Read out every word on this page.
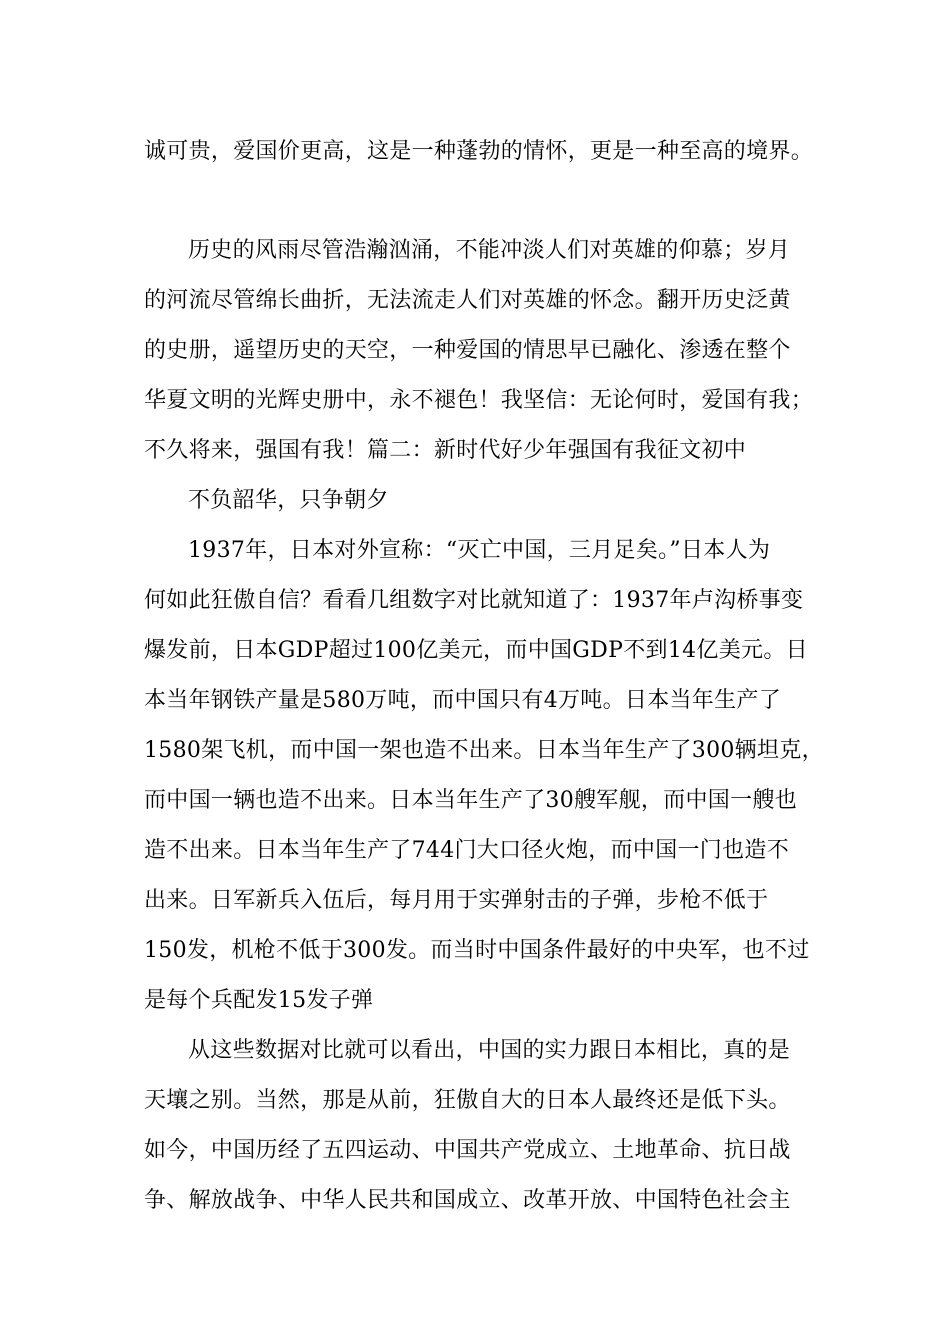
诚可贵，爱国价更高，这是一种蓬勃的情怀，更是一种至高的境界。
历史的风雨尽管浩瀚汹涌，不能冲淡人们对英雄的仰慕；岁月
的河流尽管绵长曲折，无法流走人们对英雄的怀念。翻开历史泛黄
的史册，遥望历史的天空，一种爱国的情思早已融化、渗透在整个
华夏文明的光辉史册中，永不褪色！我坚信：无论何时，爱国有我；
不久将来，强国有我！篇二：新时代好少年强国有我征文初中
不负韶华，只争朝夕
1937年，日本对外宣称：“灭亡中国，三月足矣。”日本人为
何如此狂傲自信？看看几组数字对比就知道了：1937年卢沟桥事变
爆发前，日本GDP超过100亿美元，而中国GDP不到14亿美元。日
本当年钢铁产量是580万吨，而中国只有4万吨。日本当年生产了
1580架飞机，而中国一架也造不出来。日本当年生产了300辆坦克，
而中国一辆也造不出来。日本当年生产了30艘军舰，而中国一艘也
造不出来。日本当年生产了744门大口径火炮，而中国一门也造不
出来。日军新兵入伍后，每月用于实弹射击的子弹，步枪不低于
150发，机枪不低于300发。而当时中国条件最好的中央军，也不过
是每个兵配发15发子弹
从这些数据对比就可以看出，中国的实力跟日本相比，真的是
天壤之别。当然，那是从前，狂傲自大的日本人最终还是低下头。
如今，中国历经了五四运动、中国共产党成立、土地革命、抗日战
争、解放战争、中华人民共和国成立、改革开放、中国特色社会主
